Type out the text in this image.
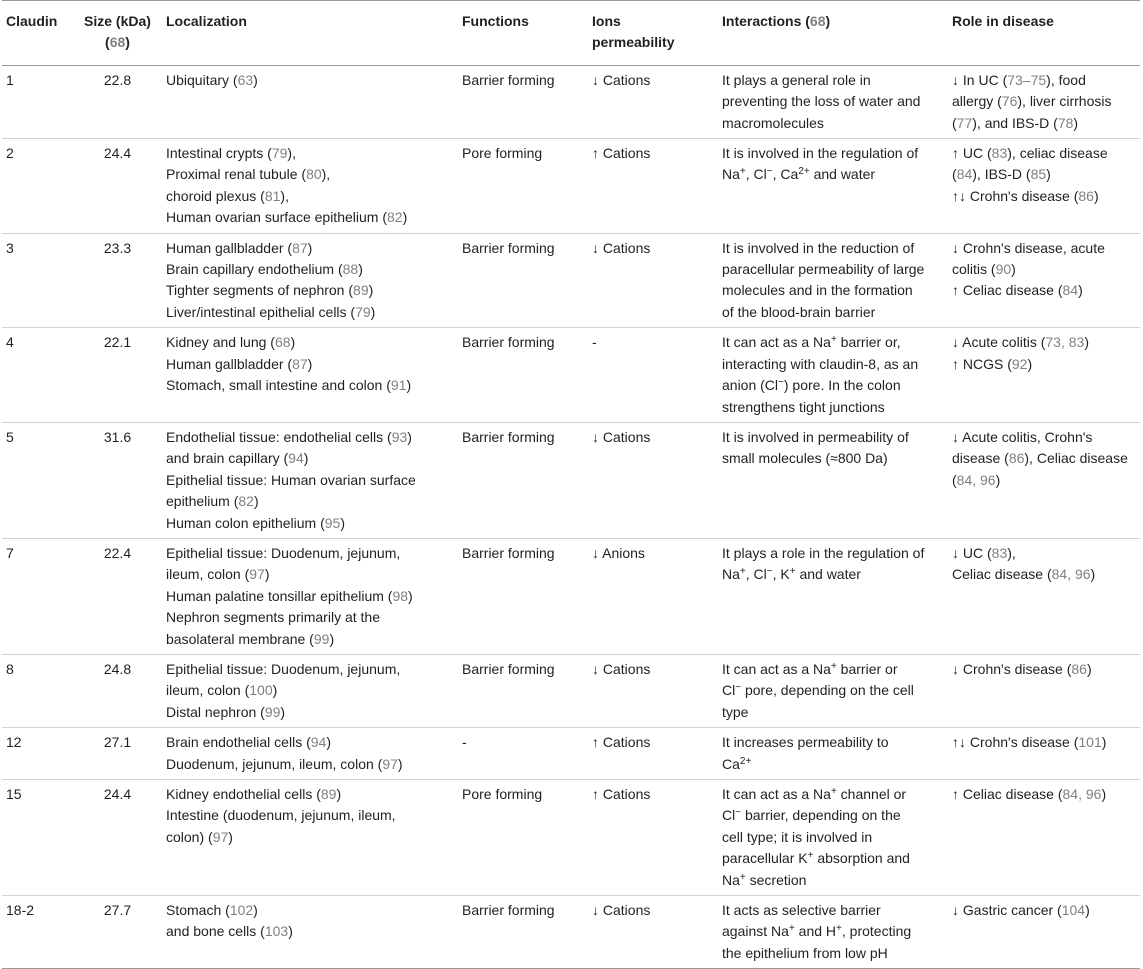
Claudin	Size (kDa)
(68)	Localization	Functions	Ions
permeability	Interactions (68)	Role in disease
1	22.8	Ubiquitary (63)	Barrier forming	↓ Cations	It plays a general role in
preventing the loss of water and
macromolecules	↓ In UC (73–75), food
allergy (76), liver cirrhosis
(77), and IBS-D (78)

2	24.4	Intestinal crypts (79),
Proximal renal tubule (80),
choroid plexus (81),
Human ovarian surface epithelium (82)	Pore forming	↑ Cations	It is involved in the regulation of
Na+, Cl−, $Ca^{2+}$ and water	↑ UC (83), celiac disease
(84), IBS-D (85)
↑↓ Crohn's disease (86)

3	23.3	Human gallbladder (87)
Brain capillary endothelium (88)
Tighter segments of nephron (89)
Liver/intestinal epithelial cells (79)	Barrier forming	↓ Cations	It is involved in the reduction of
paracellular permeability of large
molecules and in the formation
of the blood-brain barrier	↓ Crohn's disease, acute
colitis (90)
↑ Celiac disease (84)

4	22.1	Kidney and lung (68)
Human gallbladder (87)
Stomach, small intestine and colon (91)	Barrier forming	-	It can act as a Na+ barrier or,
interacting with claudin-8, as an
anion (Cl−) pore. In the colon
strengthens tight junctions	↓ Acute colitis (73, 83)
↑ NCGS (92)

5	31.6	Endothelial tissue: endothelial cells (93)
and brain capillary (94)
Epithelial tissue: Human ovarian surface
epithelium (82)
Human colon epithelium (95)	Barrier forming	↓ Cations	It is involved in permeability of
small molecules (≈800 Da)	↓ Acute colitis, Crohn's
disease (86), Celiac disease
(84, 96)

7	22.4	Epithelial tissue: Duodenum, jejunum,
ileum, colon (97)
Human palatine tonsillar epithelium (98)
Nephron segments primarily at the
basolateral membrane (99)	Barrier forming	↓ Anions	It plays a role in the regulation of
Na+, Cl−, K+ and water	↓ UC (83),
Celiac disease (84, 96)

8	24.8	Epithelial tissue: Duodenum, jejunum,
ileum, colon (100)
Distal nephron (99)	Barrier forming	↓ Cations	It can act as a Na+ barrier or
Cl− pore, depending on the cell
type	↓ Crohn's disease (86)

12	27.1	Brain endothelial cells (94)
Duodenum, jejunum, ileum, colon (97)	-	↑ Cations	It increases permeability to
$Ca^{2+}$	↑↓ Crohn's disease (101)

15	24.4	Kidney endothelial cells (89)
Intestine (duodenum, jejunum, ileum,
colon) (97)	Pore forming	↑ Cations	It can act as a Na+ channel or
Cl− barrier, depending on the
cell type; it is involved in
paracellular K+ absorption and
Na+ secretion	↑ Celiac disease (84, 96)

18-2	27.7	Stomach (102)
and bone cells (103)	Barrier forming	↓ Cations	It acts as selective barrier
against Na+ and H+, protecting
the epithelium from low pH	↓ Gastric cancer (104)
